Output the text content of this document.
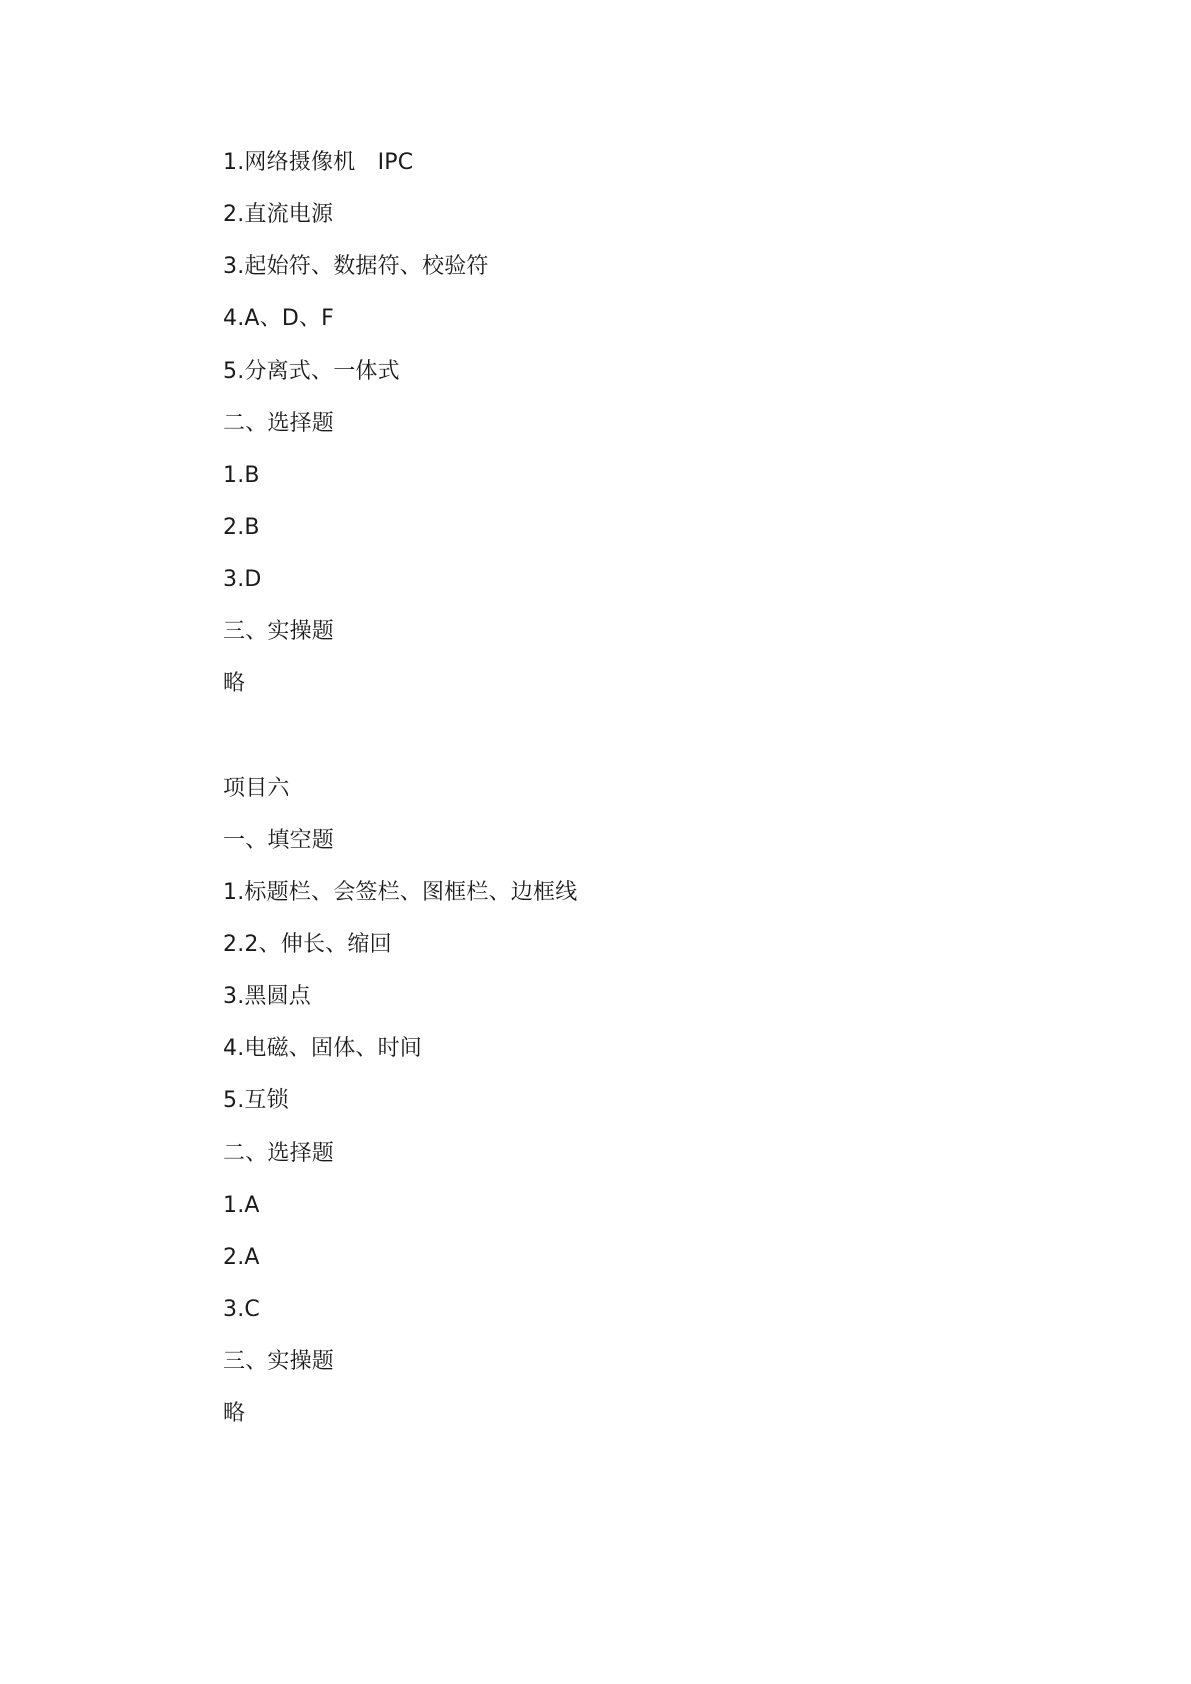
1.网络摄像机　IPC
2.直流电源
3.起始符、数据符、校验符
4.A、D、F
5.分离式、一体式
二、选择题
1.B
2.B
3.D
三、实操题
略
项目六
一、填空题
1.标题栏、会签栏、图框栏、边框线
2.2、伸长、缩回
3.黑圆点
4.电磁、固体、时间
5.互锁
二、选择题
1.A
2.A
3.C
三、实操题
略
